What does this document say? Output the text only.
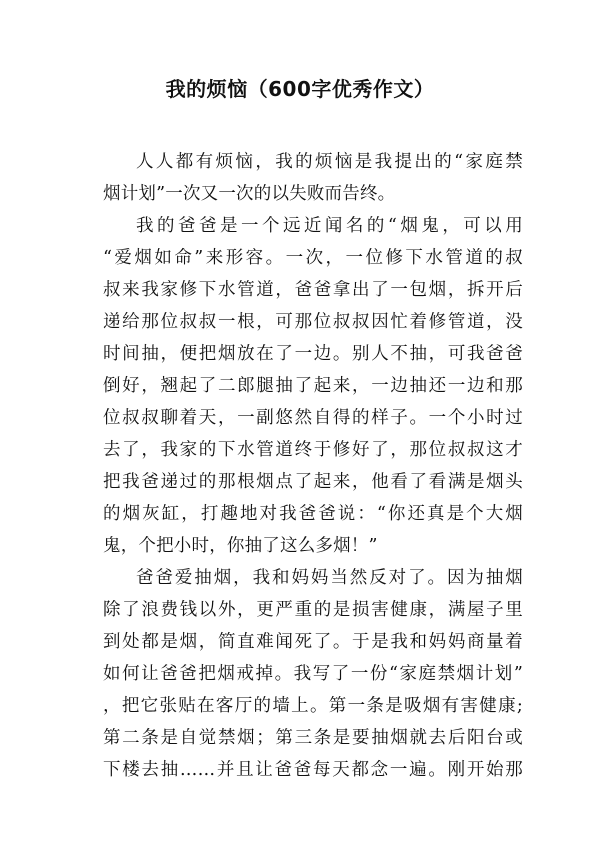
我的烦恼（600字优秀作文）
人人都有烦恼，我的烦恼是我提出的“家庭禁
烟计划”一次又一次的以失败而告终。
我的爸爸是一个远近闻名的“烟鬼，可以用
“爱烟如命”来形容。一次，一位修下水管道的叔
叔来我家修下水管道，爸爸拿出了一包烟，拆开后
递给那位叔叔一根，可那位叔叔因忙着修管道，没
时间抽，便把烟放在了一边。别人不抽，可我爸爸
倒好，翘起了二郎腿抽了起来，一边抽还一边和那
位叔叔聊着天，一副悠然自得的样子。一个小时过
去了，我家的下水管道终于修好了，那位叔叔这才
把我爸递过的那根烟点了起来，他看了看满是烟头
的烟灰缸，打趣地对我爸爸说：“你还真是个大烟
鬼，个把小时，你抽了这么多烟！”
爸爸爱抽烟，我和妈妈当然反对了。因为抽烟
除了浪费钱以外，更严重的是损害健康，满屋子里
到处都是烟，简直难闻死了。于是我和妈妈商量着
如何让爸爸把烟戒掉。我写了一份“家庭禁烟计划”
，把它张贴在客厅的墙上。第一条是吸烟有害健康;
第二条是自觉禁烟；第三条是要抽烟就去后阳台或
下楼去抽……并且让爸爸每天都念一遍。刚开始那
